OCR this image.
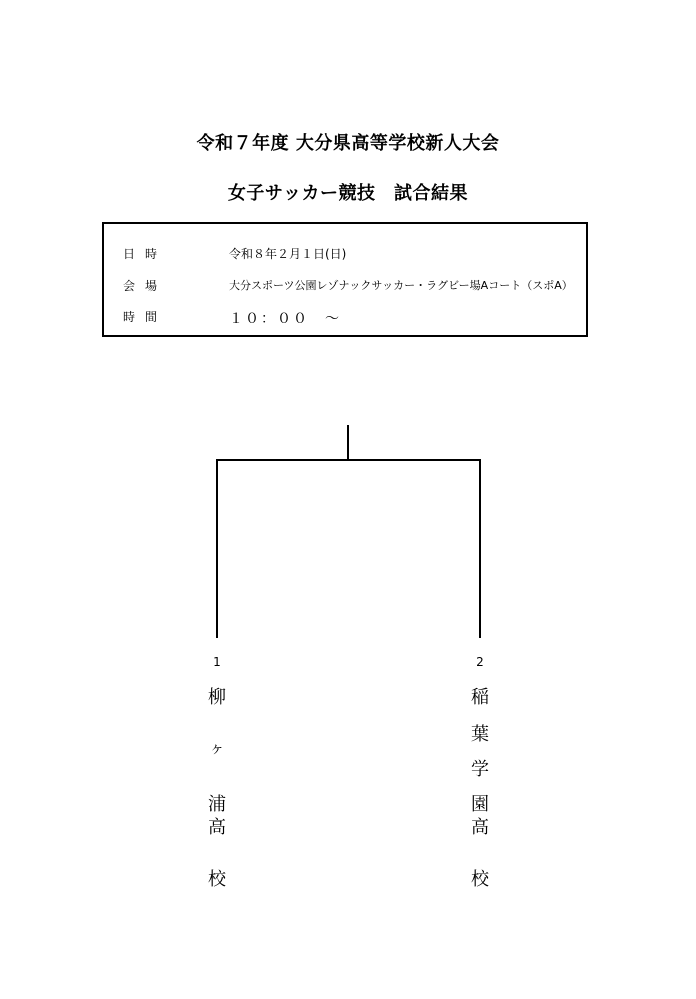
令和７年度 大分県高等学校新人大会
女子サッカー競技　試合結果
日時	令和８年２月１日(日)
会場	大分スポーツ公園レゾナックサッカー・ラグビー場Aコート（スポA）
時間	１０：００　～
1	2
柳
ヶ
浦
高
校
稲
葉
学
園
高
校
